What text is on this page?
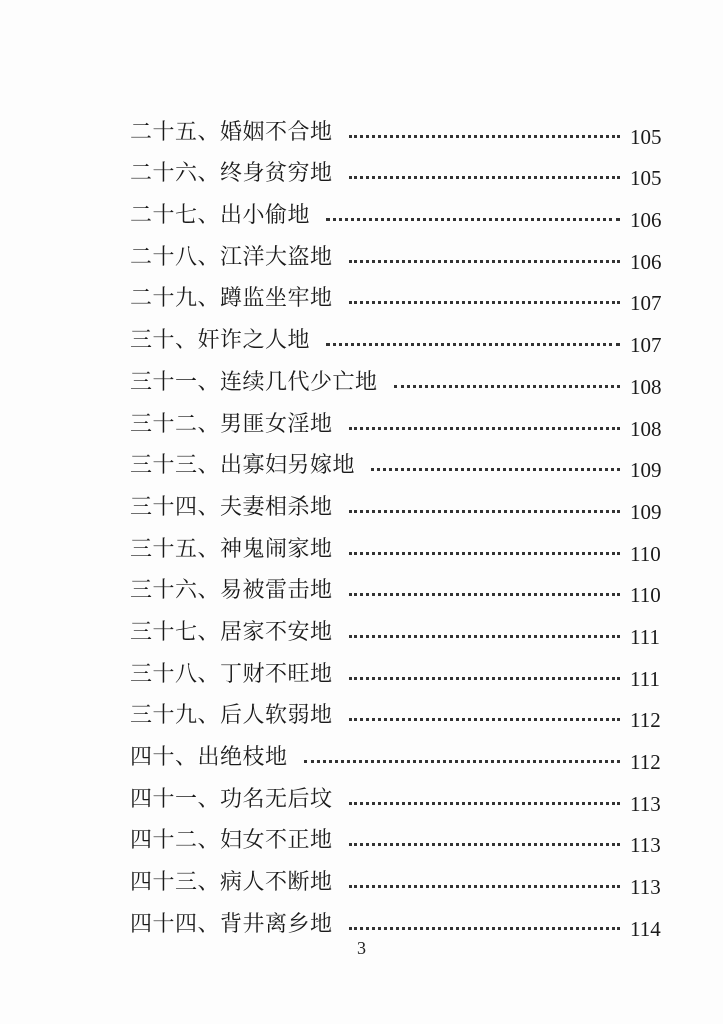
二十五、婚姻不合地	105
二十六、终身贫穷地	105
二十七、出小偷地	106
二十八、江洋大盗地	106
二十九、蹲监坐牢地	107
三十、奸诈之人地	107
三十一、连续几代少亡地	108
三十二、男匪女淫地	108
三十三、出寡妇另嫁地	109
三十四、夫妻相杀地	109
三十五、神鬼闹家地	110
三十六、易被雷击地	110
三十七、居家不安地	111
三十八、丁财不旺地	111
三十九、后人软弱地	112
四十、出绝枝地	112
四十一、功名无后坟	113
四十二、妇女不正地	113
四十三、病人不断地	113
四十四、背井离乡地	114
3
